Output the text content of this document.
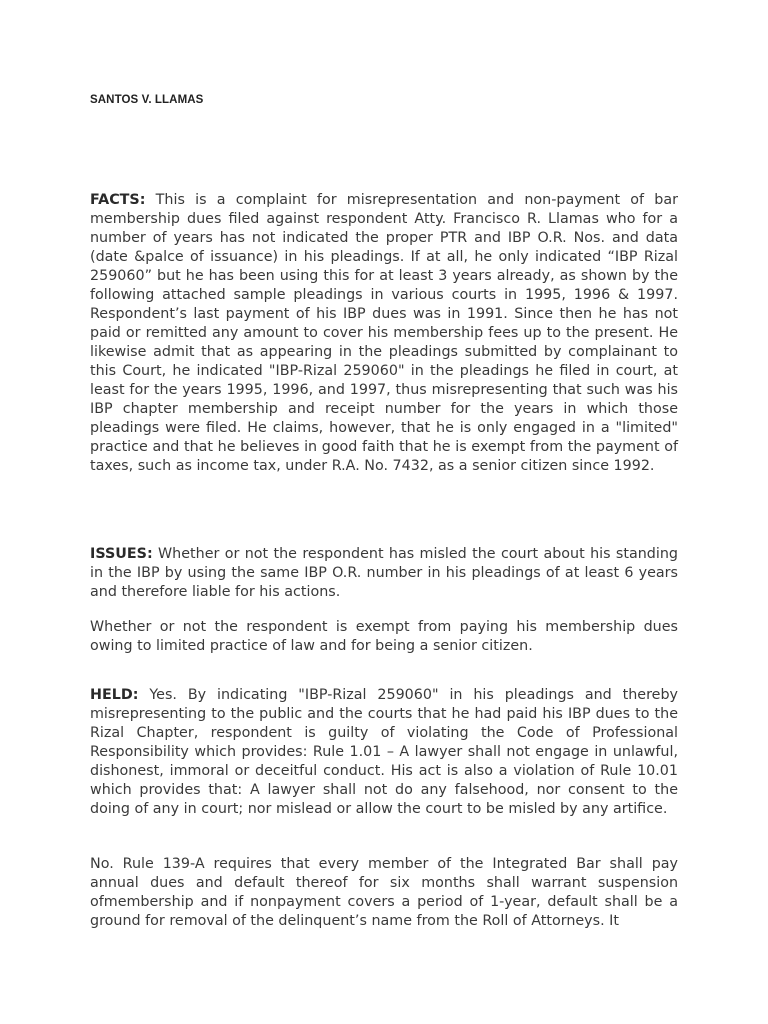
SANTOS V. LLAMAS

FACTS: This is a complaint for misrepresentation and non-payment of bar membership dues filed against respondent Atty. Francisco R. Llamas who for a number of years has not indicated the proper PTR and IBP O.R. Nos. and data (date &palce of issuance) in his pleadings. If at all, he only indicated “IBP Rizal 259060” but he has been using this for at least 3 years already, as shown by the following attached sample pleadings in various courts in 1995, 1996 & 1997. Respondent’s last payment of his IBP dues was in 1991. Since then he has not paid or remitted any amount to cover his membership fees up to the present. He likewise admit that as appearing in the pleadings submitted by complainant to this Court, he indicated "IBP-Rizal 259060" in the pleadings he filed in court, at least for the years 1995, 1996, and 1997, thus misrepresenting that such was his IBP chapter membership and receipt number for the years in which those pleadings were filed. He claims, however, that he is only engaged in a "limited" practice and that he believes in good faith that he is exempt from the payment of taxes, such as income tax, under R.A. No. 7432, as a senior citizen since 1992.

ISSUES: Whether or not the respondent has misled the court about his standing in the IBP by using the same IBP O.R. number in his pleadings of at least 6 years and therefore liable for his actions.

Whether or not the respondent is exempt from paying his membership dues owing to limited practice of law and for being a senior citizen.

HELD: Yes. By indicating "IBP-Rizal 259060" in his pleadings and thereby misrepresenting to the public and the courts that he had paid his IBP dues to the Rizal Chapter, respondent is guilty of violating the Code of Professional Responsibility which provides: Rule 1.01 – A lawyer shall not engage in unlawful, dishonest, immoral or deceitful conduct. His act is also a violation of Rule 10.01 which provides that: A lawyer shall not do any falsehood, nor consent to the doing of any in court; nor mislead or allow the court to be misled by any artifice.

No. Rule 139-A requires that every member of the Integrated Bar shall pay annual dues and default thereof for six months shall warrant suspension ofmembership and if nonpayment covers a period of 1-year, default shall be a ground for removal of the delinquent’s name from the Roll of Attorneys. It
